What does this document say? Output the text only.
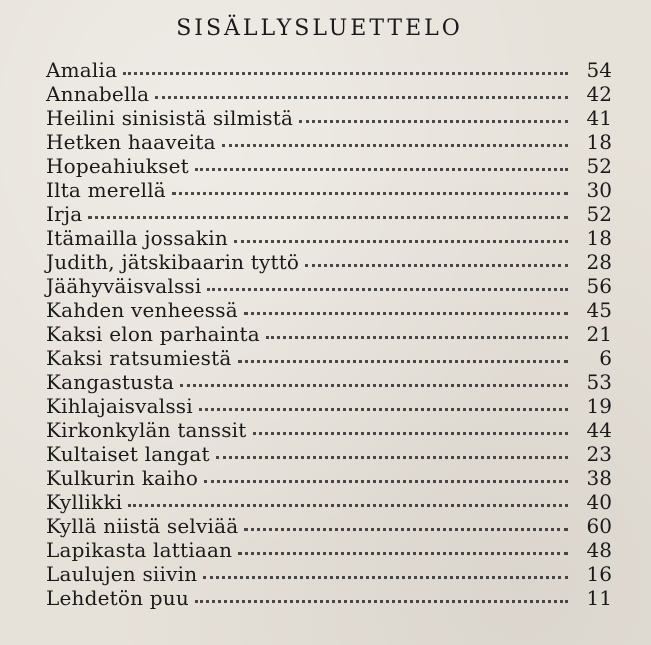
SISÄLLYSLUETTELO
Amalia	54
Annabella	42
Heilini sinisistä silmistä	41
Hetken haaveita	18
Hopeahiukset	52
Ilta merellä	30
Irja	52
Itämailla jossakin	18
Judith, jätskibaarin tyttö	28
Jäähyväisvalssi	56
Kahden venheessä	45
Kaksi elon parhainta	21
Kaksi ratsumiestä	6
Kangastusta	53
Kihlajaisvalssi	19
Kirkonkylän tanssit	44
Kultaiset langat	23
Kulkurin kaiho	38
Kyllikki	40
Kyllä niistä selviää	60
Lapikasta lattiaan	48
Laulujen siivin	16
Lehdetön puu	11
